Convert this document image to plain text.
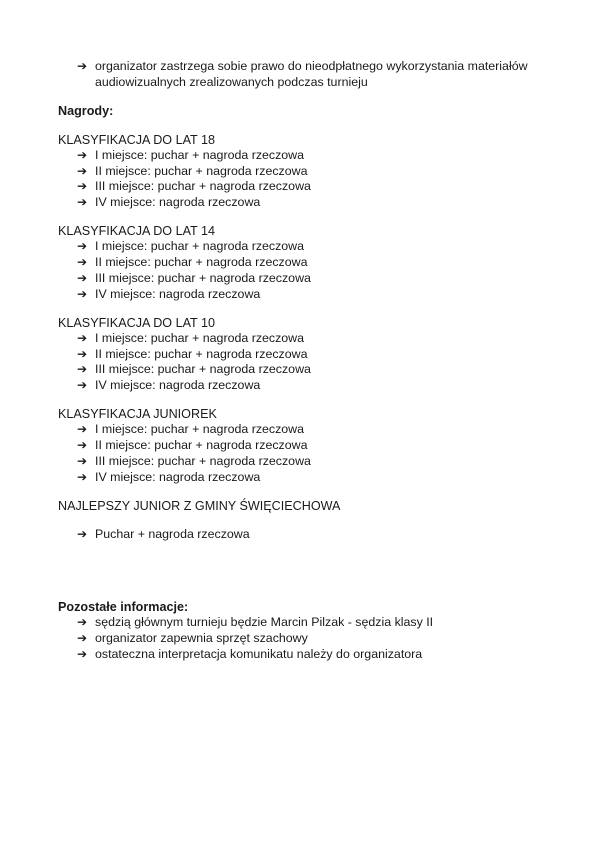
➔ organizator zastrzega sobie prawo do nieodpłatnego wykorzystania materiałów audiowizualnych zrealizowanych podczas turnieju
Nagrody:
KLASYFIKACJA DO LAT 18
➔ I miejsce: puchar + nagroda rzeczowa
➔ II miejsce: puchar + nagroda rzeczowa
➔ III miejsce: puchar + nagroda rzeczowa
➔ IV miejsce: nagroda rzeczowa
KLASYFIKACJA DO LAT 14
➔ I miejsce: puchar + nagroda rzeczowa
➔ II miejsce: puchar + nagroda rzeczowa
➔ III miejsce: puchar + nagroda rzeczowa
➔ IV miejsce: nagroda rzeczowa
KLASYFIKACJA DO LAT 10
➔ I miejsce: puchar + nagroda rzeczowa
➔ II miejsce: puchar + nagroda rzeczowa
➔ III miejsce: puchar + nagroda rzeczowa
➔ IV miejsce: nagroda rzeczowa
KLASYFIKACJA JUNIOREK
➔ I miejsce: puchar + nagroda rzeczowa
➔ II miejsce: puchar + nagroda rzeczowa
➔ III miejsce: puchar + nagroda rzeczowa
➔ IV miejsce: nagroda rzeczowa
NAJLEPSZY JUNIOR Z GMINY ŚWIĘCIECHOWA
➔ Puchar + nagroda rzeczowa
Pozostałe informacje:
➔ sędzią głównym turnieju będzie Marcin Pilzak - sędzia klasy II
➔ organizator zapewnia sprzęt szachowy
➔ ostateczna interpretacja komunikatu należy do organizatora
